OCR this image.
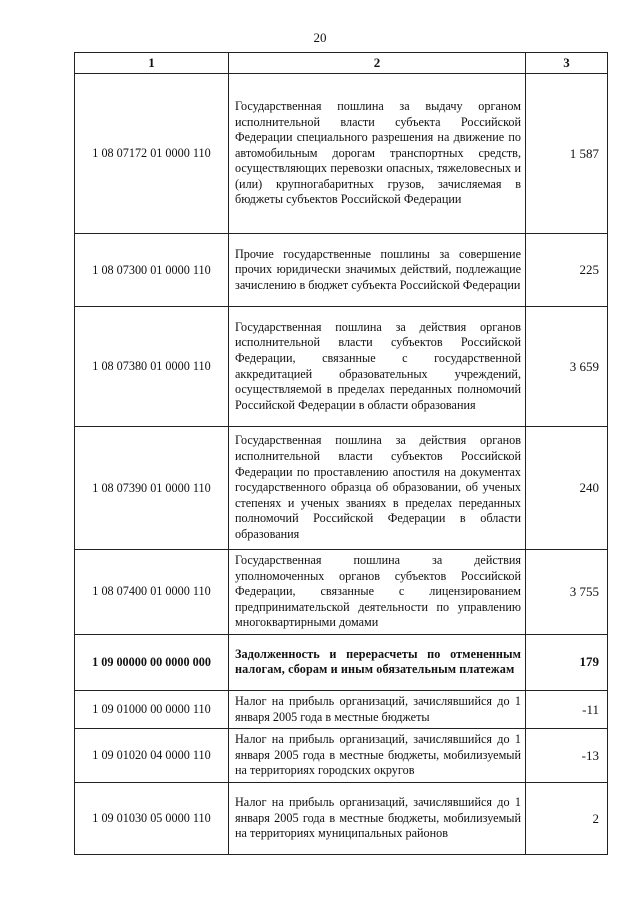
20
1	2	3
1 08 07172 01 0000 110	Государственная пошлина за выдачу органом исполнительной власти субъекта Российской Федерации специального разрешения на движение по автомобильным дорогам транспортных средств, осуществляющих перевозки опасных, тяжеловесных и (или) крупногабаритных грузов, зачисляемая в бюджеты субъектов Российской Федерации	1 587
1 08 07300 01 0000 110	Прочие государственные пошлины за совершение прочих юридически значимых действий, подлежащие зачислению в бюджет субъекта Российской Федерации	225
1 08 07380 01 0000 110	Государственная пошлина за действия органов исполнительной власти субъектов Российской Федерации, связанные с государственной аккредитацией образовательных учреждений, осуществляемой в пределах переданных полномочий Российской Федерации в области образования	3 659
1 08 07390 01 0000 110	Государственная пошлина за действия органов исполнительной власти субъектов Российской Федерации по проставлению апостиля на документах государственного образца об образовании, об ученых степенях и ученых званиях в пределах переданных полномочий Российской Федерации в области образования	240
1 08 07400 01 0000 110	Государственная пошлина за действия уполномоченных органов субъектов Российской Федерации, связанные с лицензированием предпринимательской деятельности по управлению многоквартирными домами	3 755
1 09 00000 00 0000 000	Задолженность и перерасчеты по отмененным налогам, сборам и иным обязательным платежам	179
1 09 01000 00 0000 110	Налог на прибыль организаций, зачислявшийся до 1 января 2005 года в местные бюджеты	-11
1 09 01020 04 0000 110	Налог на прибыль организаций, зачислявшийся до 1 января 2005 года в местные бюджеты, мобилизуемый на территориях городских округов	-13
1 09 01030 05 0000 110	Налог на прибыль организаций, зачислявшийся до 1 января 2005 года в местные бюджеты, мобилизуемый на территориях муниципальных районов	2
